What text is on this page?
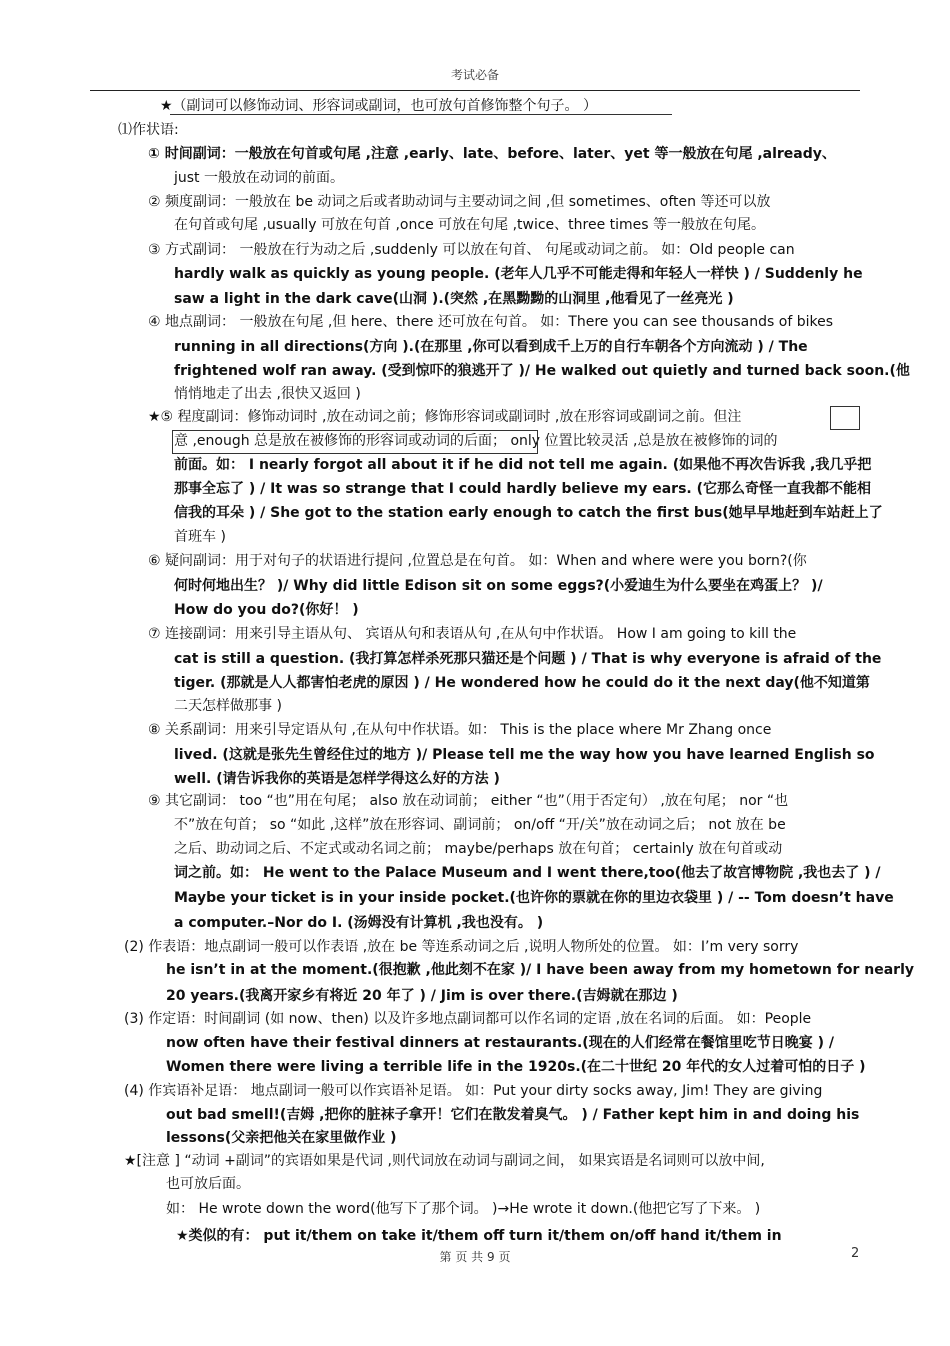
考试必备
★（副词可以修饰动词、形容词或副词，也可放句首修饰整个句子。 ）
⑴作状语:
① 时间副词：一般放在句首或句尾 ,注意 ,early、late、before、later、yet 等一般放在句尾 ,already、
just 一般放在动词的前面。
② 频度副词：一般放在 be 动词之后或者助动词与主要动词之间 ,但 sometimes、often 等还可以放
在句首或句尾 ,usually 可放在句首 ,once 可放在句尾 ,twice、three times 等一般放在句尾。
③ 方式副词： 一般放在行为动之后 ,suddenly 可以放在句首、 句尾或动词之前。 如：Old people can
hardly walk as quickly as young people. (老年人几乎不可能走得和年轻人一样快 ) / Suddenly he
saw a light in the dark cave(山洞 ).(突然 ,在黑黝黝的山洞里 ,他看见了一丝亮光 )
④ 地点副词： 一般放在句尾 ,但 here、there 还可放在句首。 如：There you can see thousands of bikes
running in all directions(方向 ).(在那里 ,你可以看到成千上万的自行车朝各个方向流动 ) / The
frightened wolf ran away. (受到惊吓的狼逃开了 )/ He walked out quietly and turned back soon.(他
悄悄地走了出去 ,很快又返回 )
★⑤ 程度副词：修饰动词时 ,放在动词之前；修饰形容词或副词时 ,放在形容词或副词之前。但注
意 ,enough 总是放在被修饰的形容词或动词的后面； only 位置比较灵活 ,总是放在被修饰的词的
前面。如： I nearly forgot all about it if he did not tell me again. (如果他不再次告诉我 ,我几乎把
那事全忘了 ) / It was so strange that I could hardly believe my ears. (它那么奇怪一直我都不能相
信我的耳朵 ) / She got to the station early enough to catch the first bus(她早早地赶到车站赶上了
首班车 )
⑥ 疑问副词：用于对句子的状语进行提问 ,位置总是在句首。 如：When and where were you born?(你
何时何地出生？ )/ Why did little Edison sit on some eggs?(小爱迪生为什么要坐在鸡蛋上？ )/
How do you do?(你好！ )
⑦ 连接副词：用来引导主语从句、 宾语从句和表语从句 ,在从句中作状语。 How I am going to kill the
cat is still a question. (我打算怎样杀死那只猫还是个问题 ) / That is why everyone is afraid of the
tiger. (那就是人人都害怕老虎的原因 ) / He wondered how he could do it the next day(他不知道第
二天怎样做那事 )
⑧ 关系副词：用来引导定语从句 ,在从句中作状语。如： This is the place where Mr Zhang once
lived. (这就是张先生曾经住过的地方 )/ Please tell me the way how you have learned English so
well. (请告诉我你的英语是怎样学得这么好的方法 )
⑨ 其它副词： too “也”用在句尾； also 放在动词前； either “也”（用于否定句） ,放在句尾； nor “也
不”放在句首； so “如此 ,这样”放在形容词、副词前； on/off “开/关”放在动词之后； not 放在 be
之后、助动词之后、不定式或动名词之前； maybe/perhaps 放在句首； certainly 放在句首或动
词之前。如： He went to the Palace Museum and I went there,too(他去了故宫博物院 ,我也去了 ) /
Maybe your ticket is in your inside pocket.(也许你的票就在你的里边衣袋里 ) / -- Tom doesn’t have
a computer.–Nor do I. (汤姆没有计算机 ,我也没有。 )
(2) 作表语：地点副词一般可以作表语 ,放在 be 等连系动词之后 ,说明人物所处的位置。 如：I’m very sorry
he isn’t in at the moment.(很抱歉 ,他此刻不在家 )/ I have been away from my hometown for nearly
20 years.(我离开家乡有将近 20 年了 ) / Jim is over there.(吉姆就在那边 )
(3) 作定语：时间副词 (如 now、then) 以及许多地点副词都可以作名词的定语 ,放在名词的后面。 如：People
now often have their festival dinners at restaurants.(现在的人们经常在餐馆里吃节日晚宴 ) /
Women there were living a terrible life in the 1920s.(在二十世纪 20 年代的女人过着可怕的日子 )
(4) 作宾语补足语： 地点副词一般可以作宾语补足语。 如：Put your dirty socks away, Jim! They are giving
out bad smell!(吉姆 ,把你的脏袜子拿开！它们在散发着臭气。 ) / Father kept him in and doing his
lessons(父亲把他关在家里做作业 )
★[注意 ] “动词 +副词”的宾语如果是代词 ,则代词放在动词与副词之间， 如果宾语是名词则可以放中间,
也可放后面。
如： He wrote down the word(他写下了那个词。 )→He wrote it down.(他把它写了下来。 )
★类似的有： put it/them on take it/them off turn it/them on/off hand it/them in
第 页 共 9 页	2
